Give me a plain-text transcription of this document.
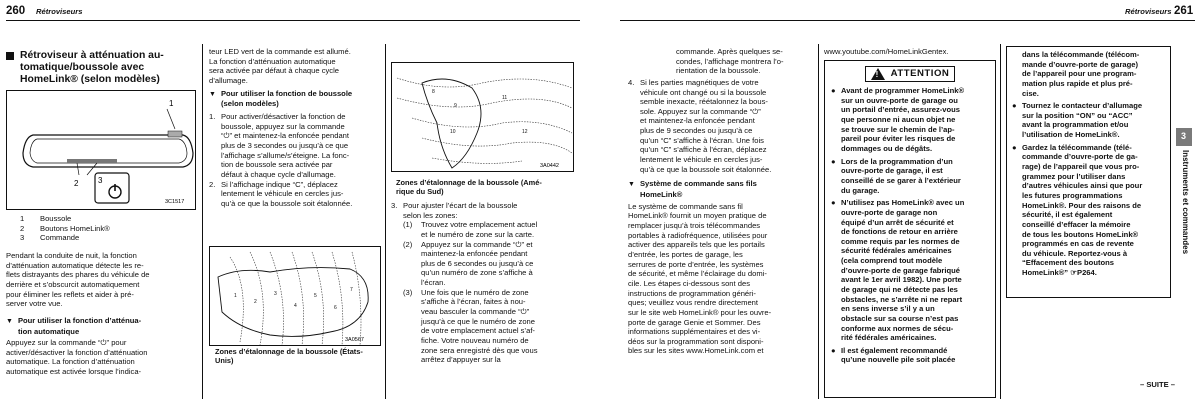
260 Rétroviseurs	Rétroviseurs 261
Rétroviseur à atténuation au-
tomatique/boussole avec
HomeLink® (selon modèles)
1
2 3
3C1517
1	Boussole
2	Boutons HomeLink®
3	Commande
Pendant la conduite de nuit, la fonction
d’atténuation automatique détecte les re-
flets distrayants des phares du véhicule de
derrière et s’obscurcit automatiquement
pour éliminer les reflets et aider à pré-
server votre vue.
▼ Pour utiliser la fonction d’atténua-
tion automatique
Appuyez sur la commande “⏻” pour
activer/désactiver la fonction d’atténuation
automatique. La fonction d’atténuation
automatique est activée lorsque l’indica-
teur LED vert de la commande est allumé.
La fonction d’atténuation automatique
sera activée par défaut à chaque cycle
d’allumage.
▼ Pour utiliser la fonction de boussole
(selon modèles)
1. Pour activer/désactiver la fonction de
boussole, appuyez sur la commande
“⏻” et maintenez-la enfoncée pendant
plus de 3 secondes ou jusqu’à ce que
l’affichage s’allume/s’éteigne. La fonc-
tion de boussole sera activée par
défaut à chaque cycle d’allumage.
2. Si l’affichage indique “C”, déplacez
lentement le véhicule en cercles jus-
qu’à ce que la boussole soit étalonnée.
1
2
3
4
5
6
7
3A0567
Zones d’étalonnage de la boussole (États-
Unis)
8
9
10
11
12
3A0442
Zones d’étalonnage de la boussole (Amé-
rique du Sud)
3. Pour ajuster l’écart de la boussole
selon les zones:
(1)	Trouvez votre emplacement actuel
et le numéro de zone sur la carte.
(2)	Appuyez sur la commande “⏻” et
maintenez-la enfoncée pendant
plus de 6 secondes ou jusqu’à ce
qu’un numéro de zone s’affiche à
l’écran.
(3)	Une fois que le numéro de zone
s’affiche à l’écran, faites à nou-
veau basculer la commande “⏻”
jusqu’à ce que le numéro de zone
de votre emplacement actuel s’af-
fiche. Votre nouveau numéro de
zone sera enregistré dès que vous
arrêtez d’appuyer sur la
commande. Après quelques se-
condes, l’affichage montrera l’o-
rientation de la boussole.
4. Si les parties magnétiques de votre
véhicule ont changé ou si la boussole
semble inexacte, réétalonnez la bous-
sole. Appuyez sur la commande “⏻”
et maintenez-la enfoncée pendant
plus de 9 secondes ou jusqu’à ce
qu’un “C” s’affiche à l’écran. Une fois
qu’un “C” s’affiche à l’écran, déplacez
lentement le véhicule en cercles jus-
qu’à ce que la boussole soit étalonnée.
▼ Système de commande sans fils
HomeLink®
Le système de commande sans fil
HomeLink® fournit un moyen pratique de
remplacer jusqu’à trois télécommandes
portables à radiofréquence, utilisées pour
activer des appareils tels que les portails
d’entrée, les portes de garage, les
serrures de porte d’entrée, les systèmes
de sécurité, et même l’éclairage du domi-
cile. Les étapes ci-dessous sont des
instructions de programmation généri-
ques; veuillez vous rendre directement
sur le site web HomeLink® pour les ouvre-
porte de garage Genie et Sommer. Des
informations supplémentaires et des vi-
déos sur la programmation sont disponi-
bles sur les sites www.HomeLink.com et
www.youtube.com/HomeLinkGentex.
!
ATTENTION
● Avant de programmer HomeLink®
sur un ouvre-porte de garage ou
un portail d’entrée, assurez-vous
que personne ni aucun objet ne
se trouve sur le chemin de l’ap-
pareil pour éviter les risques de
dommages ou de dégâts.
● Lors de la programmation d’un
ouvre-porte de garage, il est
conseillé de se garer à l’extérieur
du garage.
● N’utilisez pas HomeLink® avec un
ouvre-porte de garage non
équipé d’un arrêt de sécurité et
de fonctions de retour en arrière
comme requis par les normes de
sécurité fédérales américaines
(cela comprend tout modèle
d’ouvre-porte de garage fabriqué
avant le 1er avril 1982). Une porte
de garage qui ne détecte pas les
obstacles, ne s’arrête ni ne repart
en sens inverse s’il y a un
obstacle sur sa course n’est pas
conforme aux normes de sécu-
rité fédérales américaines.
● Il est également recommandé
qu’une nouvelle pile soit placée
dans la télécommande (télécom-
mande d’ouvre-porte de garage)
de l’appareil pour une program-
mation plus rapide et plus pré-
cise.
● Tournez le contacteur d’allumage
sur la position “ON” ou “ACC”
avant la programmation et/ou
l’utilisation de HomeLink®.
● Gardez la télécommande (télé-
commande d’ouvre-porte de ga-
rage) de l’appareil que vous pro-
grammez pour l’utiliser dans
d’autres véhicules ainsi que pour
les futures programmations
HomeLink®. Pour des raisons de
sécurité, il est également
conseillé d’effacer la mémoire
de tous les boutons HomeLink®
programmés en cas de revente
du véhicule. Reportez-vous à
“Effacement des boutons
HomeLink®” ☞P264.
3
Instruments et commandes
– SUITE –
